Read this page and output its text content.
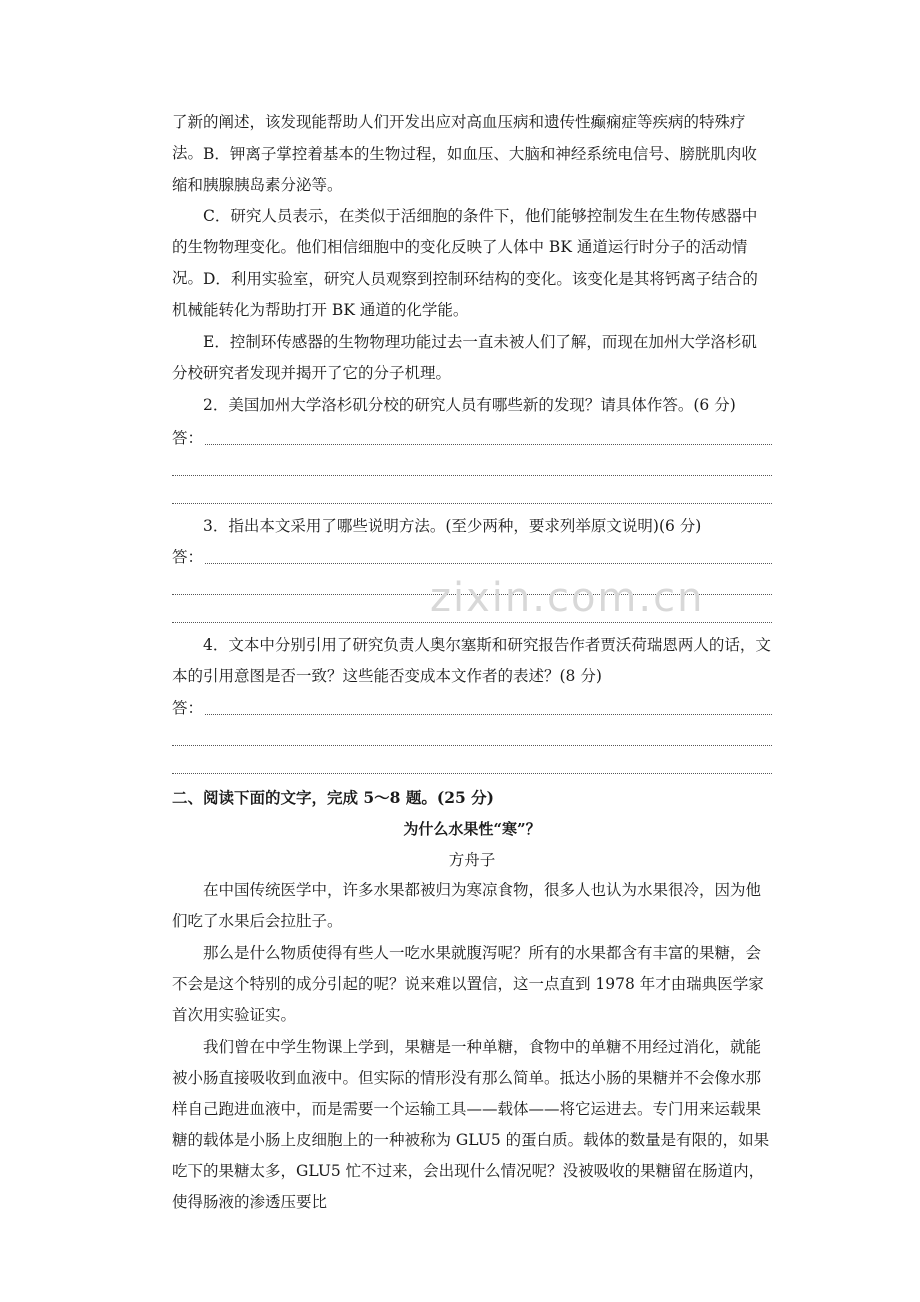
了新的阐述，该发现能帮助人们开发出应对高血压病和遗传性癫痫症等疾病的特殊疗法。 B．钾离子掌控着基本的生物过程，如血压、大脑和神经系统电信号、膀胱肌肉收缩和胰腺胰岛素分泌等。
C．研究人员表示，在类似于活细胞的条件下，他们能够控制发生在生物传感器中的生物物理变化。他们相信细胞中的变化反映了人体中 BK 通道运行时分子的活动情况。 D．利用实验室，研究人员观察到控制环结构的变化。该变化是其将钙离子结合的机械能转化为帮助打开 BK 通道的化学能。
E．控制环传感器的生物物理功能过去一直未被人们了解，而现在加州大学洛杉矶分校研究者发现并揭开了它的分子机理。
2．美国加州大学洛杉矶分校的研究人员有哪些新的发现？请具体作答。(6 分)
答：
3．指出本文采用了哪些说明方法。(至少两种，要求列举原文说明)(6 分)
答：
zixin.com.cn
4．文本中分别引用了研究负责人奥尔塞斯和研究报告作者贾沃荷瑞恩两人的话，文本的引用意图是否一致？这些能否变成本文作者的表述？(8 分)
答：
二、阅读下面的文字，完成 5～8 题。(25 分)
为什么水果性“寒”？
方舟子
在中国传统医学中，许多水果都被归为寒凉食物，很多人也认为水果很冷，因为他们吃了水果后会拉肚子。
那么是什么物质使得有些人一吃水果就腹泻呢？所有的水果都含有丰富的果糖，会不会是这个特别的成分引起的呢？说来难以置信，这一点直到 1978 年才由瑞典医学家首次用实验证实。
我们曾在中学生物课上学到，果糖是一种单糖，食物中的单糖不用经过消化，就能被小肠直接吸收到血液中。但实际的情形没有那么简单。抵达小肠的果糖并不会像水那样自己跑进血液中，而是需要一个运输工具——载体——将它运进去。专门用来运载果糖的载体是小肠上皮细胞上的一种被称为 GLU5 的蛋白质。载体的数量是有限的，如果吃下的果糖太多，GLU5 忙不过来，会出现什么情况呢？没被吸收的果糖留在肠道内，使得肠液的渗透压要比
